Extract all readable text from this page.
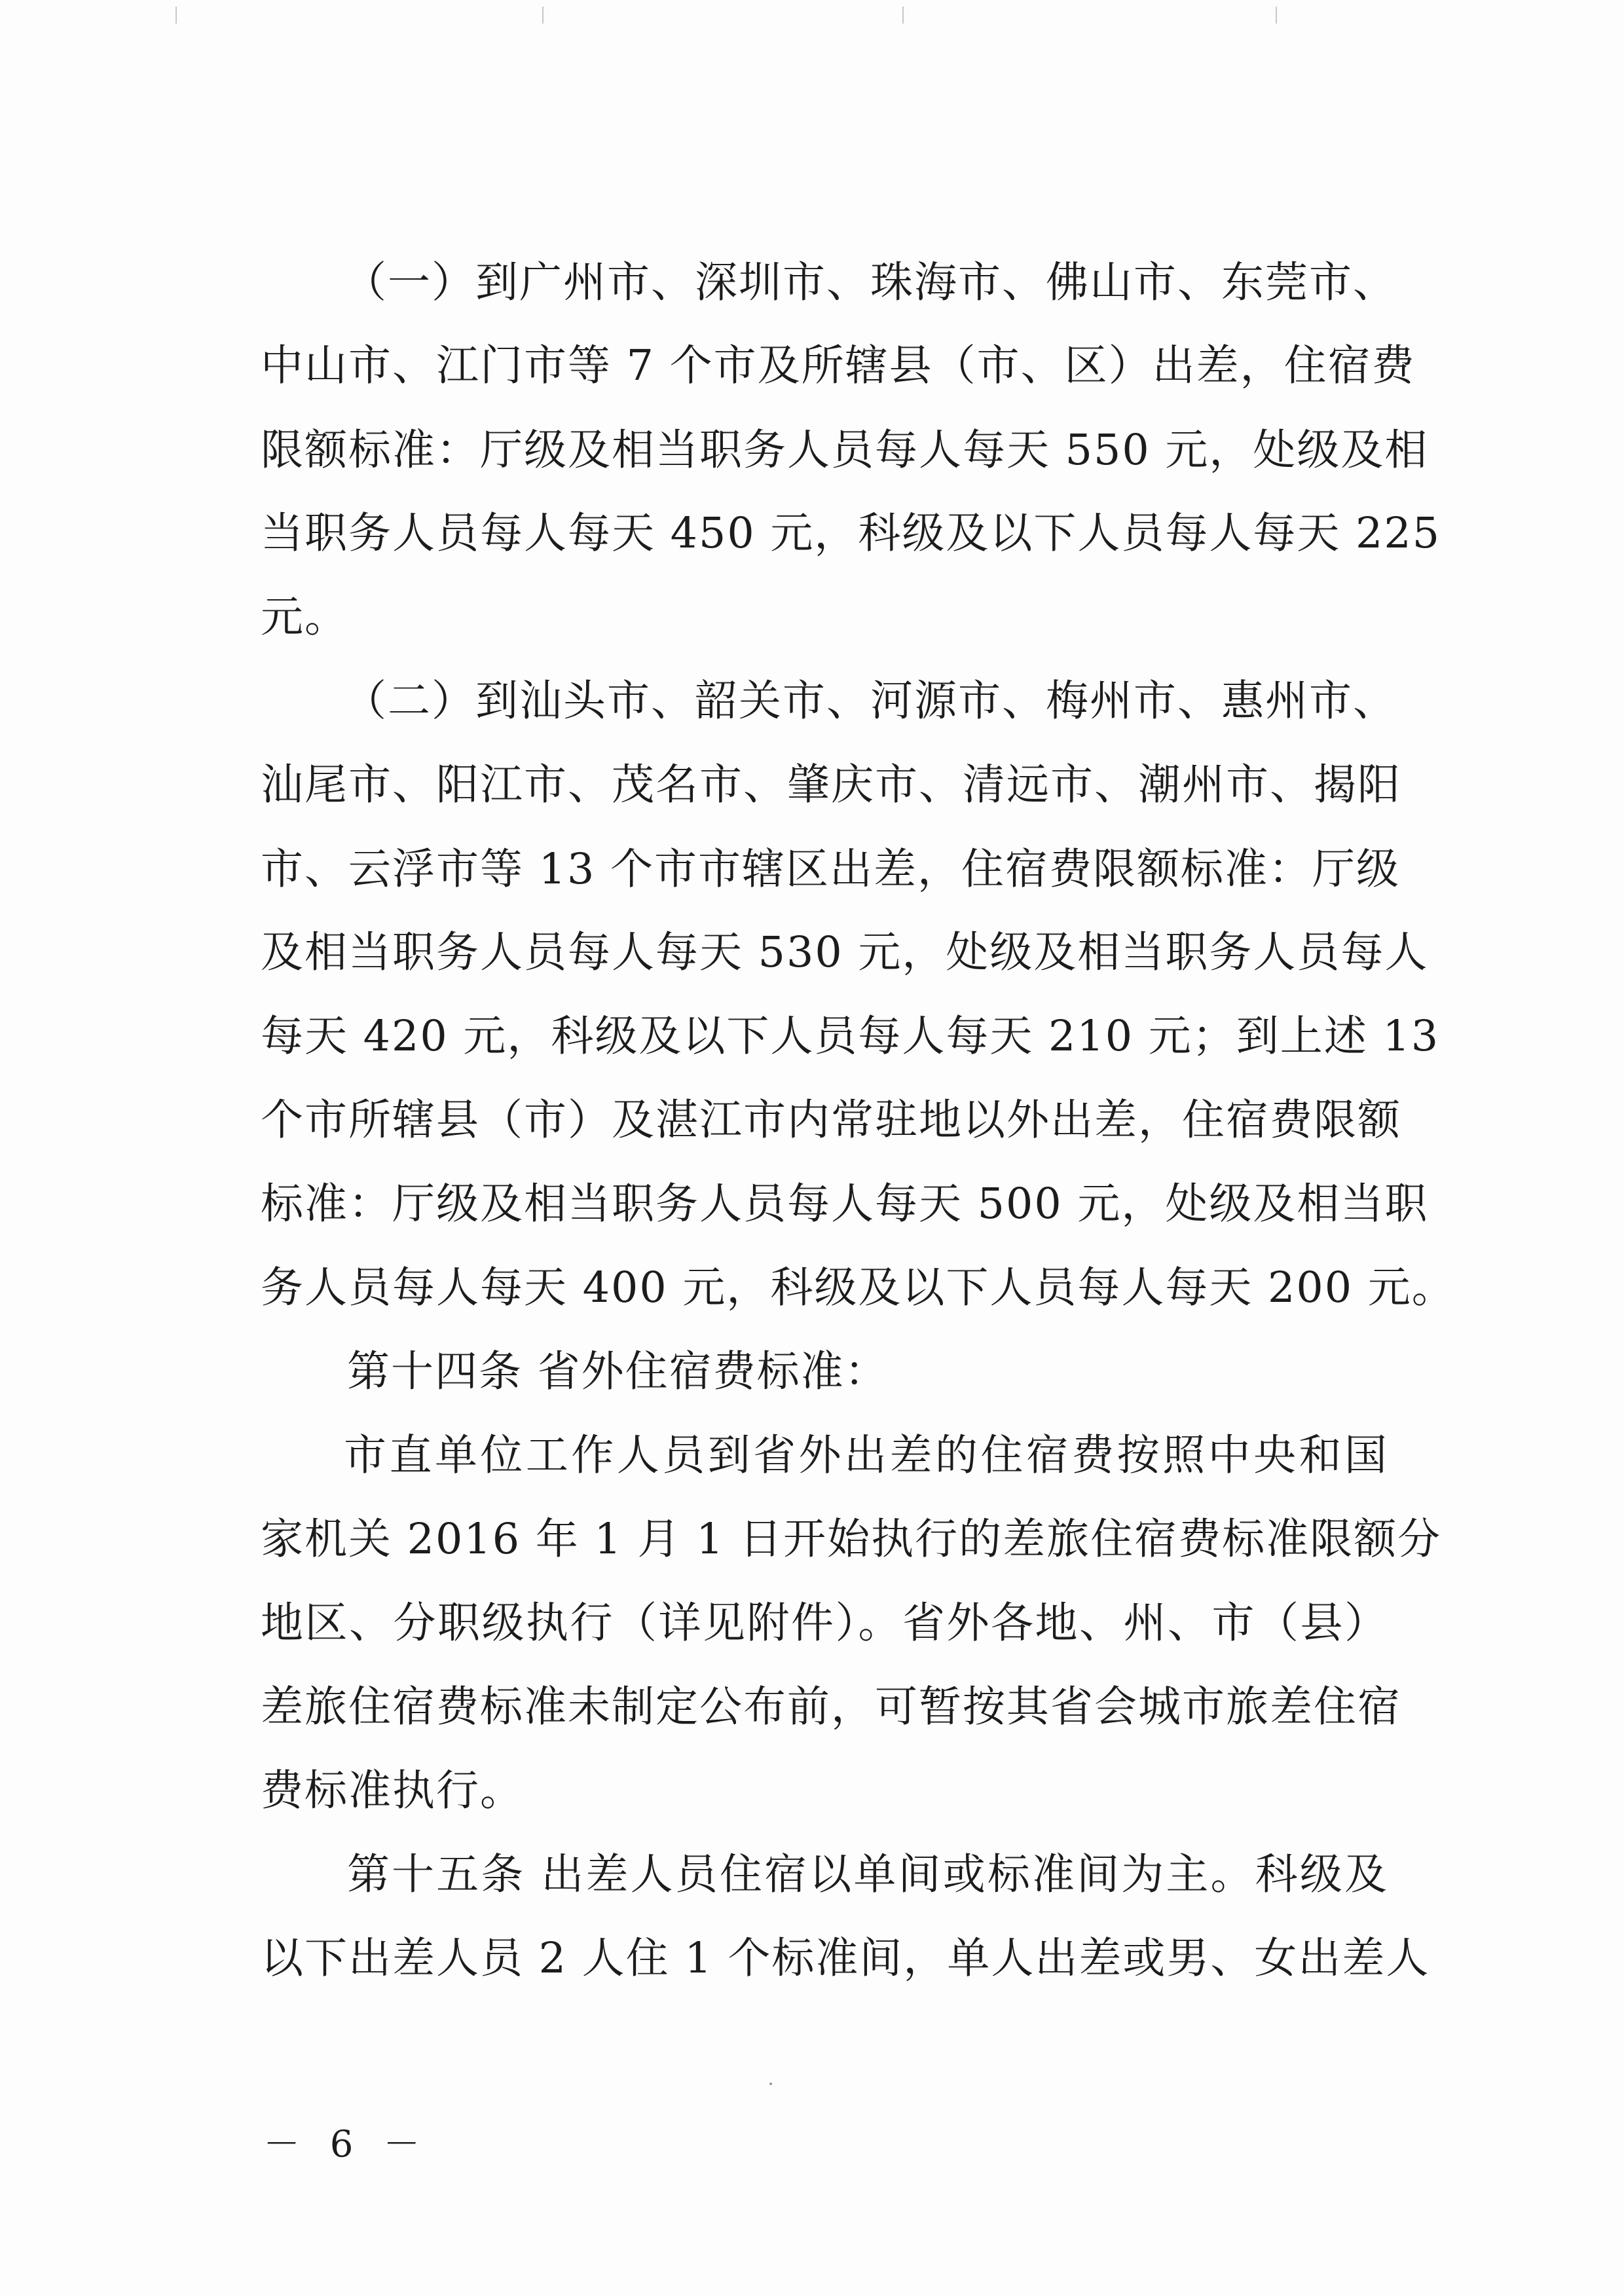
（一）到广州市、深圳市、珠海市、佛山市、东莞市、
中山市、江门市等 7 个市及所辖县（市、区）出差，住宿费
限额标准：厅级及相当职务人员每人每天 550 元，处级及相
当职务人员每人每天 450 元，科级及以下人员每人每天 225
元。
（二）到汕头市、韶关市、河源市、梅州市、惠州市、
汕尾市、阳江市、茂名市、肇庆市、清远市、潮州市、揭阳
市、云浮市等 13 个市市辖区出差，住宿费限额标准：厅级
及相当职务人员每人每天 530 元，处级及相当职务人员每人
每天 420 元，科级及以下人员每人每天 210 元；到上述 13
个市所辖县（市）及湛江市内常驻地以外出差，住宿费限额
标准：厅级及相当职务人员每人每天 500 元，处级及相当职
务人员每人每天 400 元，科级及以下人员每人每天 200 元。
第十四条 省外住宿费标准：
市直单位工作人员到省外出差的住宿费按照中央和国
家机关 2016 年 1 月 1 日开始执行的差旅住宿费标准限额分
地区、分职级执行（详见附件）。省外各地、州、市（县）
差旅住宿费标准未制定公布前，可暂按其省会城市旅差住宿
费标准执行。
第十五条 出差人员住宿以单间或标准间为主。科级及
以下出差人员 2 人住 1 个标准间，单人出差或男、女出差人
－ 6 －
